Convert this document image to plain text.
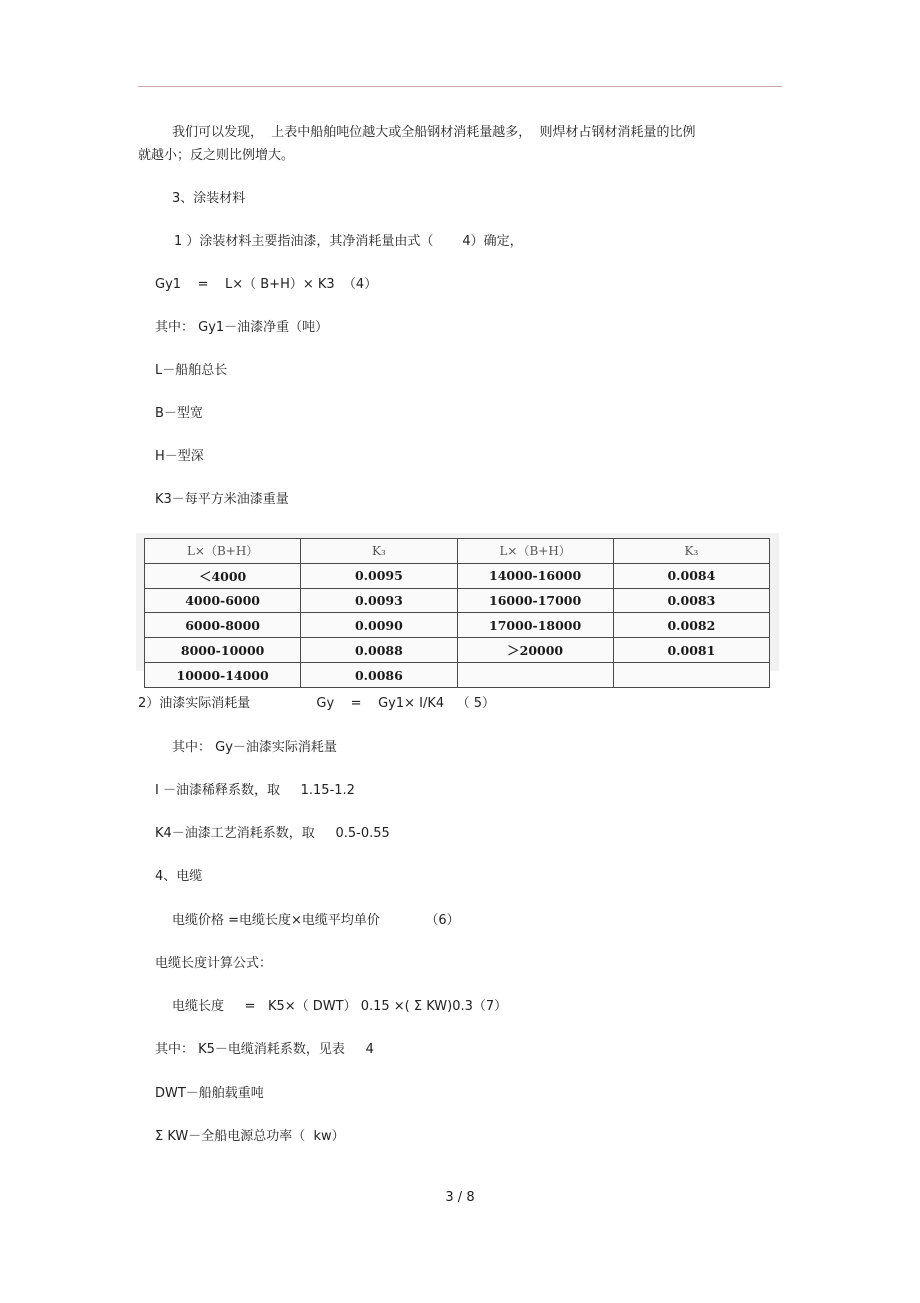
我们可以发现，  上表中船舶吨位越大或全船钢材消耗量越多，  则焊材占钢材消耗量的比例
就越小；反之则比例增大。
3、涂装材料
1 ）涂装材料主要指油漆，其净消耗量由式（       4）确定，
Gy1    =    L×（ B+H）× K3  （4）
其中： Gy1－油漆净重（吨）
L－船舶总长
B－型宽
H－型深
K3－每平方米油漆重量
L×（B+H）	K₃	L×（B+H）	K₃
＜4000	0.0095	14000-16000	0.0084
4000-6000	0.0093	16000-17000	0.0083
6000-8000	0.0090	17000-18000	0.0082
8000-10000	0.0088	＞20000	0.0081
10000-14000	0.0086		
2）油漆实际消耗量                Gy    =    Gy1× I/K4   （ 5）
其中： Gy－油漆实际消耗量
I －油漆稀释系数，取     1.15-1.2
K4－油漆工艺消耗系数，取     0.5-0.55
4、电缆
电缆价格 =电缆长度×电缆平均单价           （6）
电缆长度计算公式：
电缆长度     =   K5×（ DWT） 0.15 ×( Σ KW)0.3（7）
其中： K5－电缆消耗系数，见表     4
DWT－船舶载重吨
Σ KW－全船电源总功率（  kw）
3 / 8
